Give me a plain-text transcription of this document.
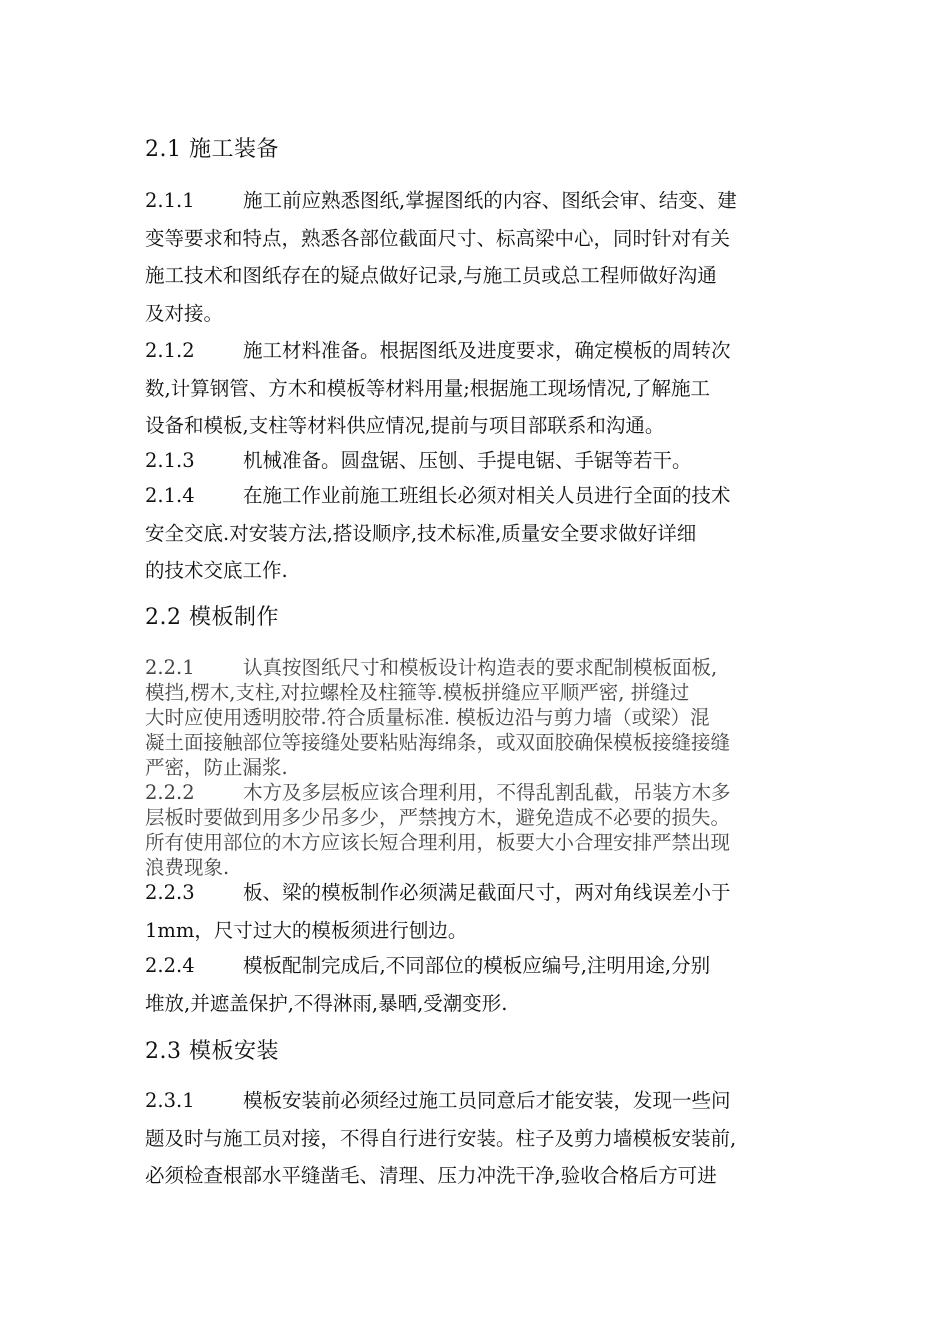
2.1 施工装备
2.1.1 施工前应熟悉图纸,掌握图纸的内容、图纸会审、结变、建
变等要求和特点，熟悉各部位截面尺寸、标高梁中心，同时针对有关
施工技术和图纸存在的疑点做好记录,与施工员或总工程师做好沟通
及对接。
2.1.2 施工材料准备。根据图纸及进度要求，确定模板的周转次
数,计算钢管、方木和模板等材料用量;根据施工现场情况,了解施工
设备和模板,支柱等材料供应情况,提前与项目部联系和沟通。
2.1.3 机械准备。圆盘锯、压刨、手提电锯、手锯等若干。
2.1.4 在施工作业前施工班组长必须对相关人员进行全面的技术
安全交底.对安装方法,搭设顺序,技术标准,质量安全要求做好详细
的技术交底工作.
2.2 模板制作
2.2.1 认真按图纸尺寸和模板设计构造表的要求配制模板面板,
模挡,楞木,支柱,对拉螺栓及柱箍等.模板拼缝应平顺严密, 拼缝过
大时应使用透明胶带.符合质量标准. 模板边沿与剪力墙（或梁）混
凝土面接触部位等接缝处要粘贴海绵条，或双面胶确保模板接缝接缝
严密，防止漏浆.
2.2.2 木方及多层板应该合理利用，不得乱割乱截，吊装方木多
层板时要做到用多少吊多少，严禁拽方木，避免造成不必要的损失。
所有使用部位的木方应该长短合理利用，板要大小合理安排严禁出现
浪费现象.
2.2.3 板、梁的模板制作必须满足截面尺寸，两对角线误差小于
1mm，尺寸过大的模板须进行刨边。
2.2.4 模板配制完成后,不同部位的模板应编号,注明用途,分别
堆放,并遮盖保护,不得淋雨,暴晒,受潮变形.
2.3 模板安装
2.3.1 模板安装前必须经过施工员同意后才能安装，发现一些问
题及时与施工员对接，不得自行进行安装。柱子及剪力墙模板安装前,
必须检查根部水平缝凿毛、清理、压力冲洗干净,验收合格后方可进
